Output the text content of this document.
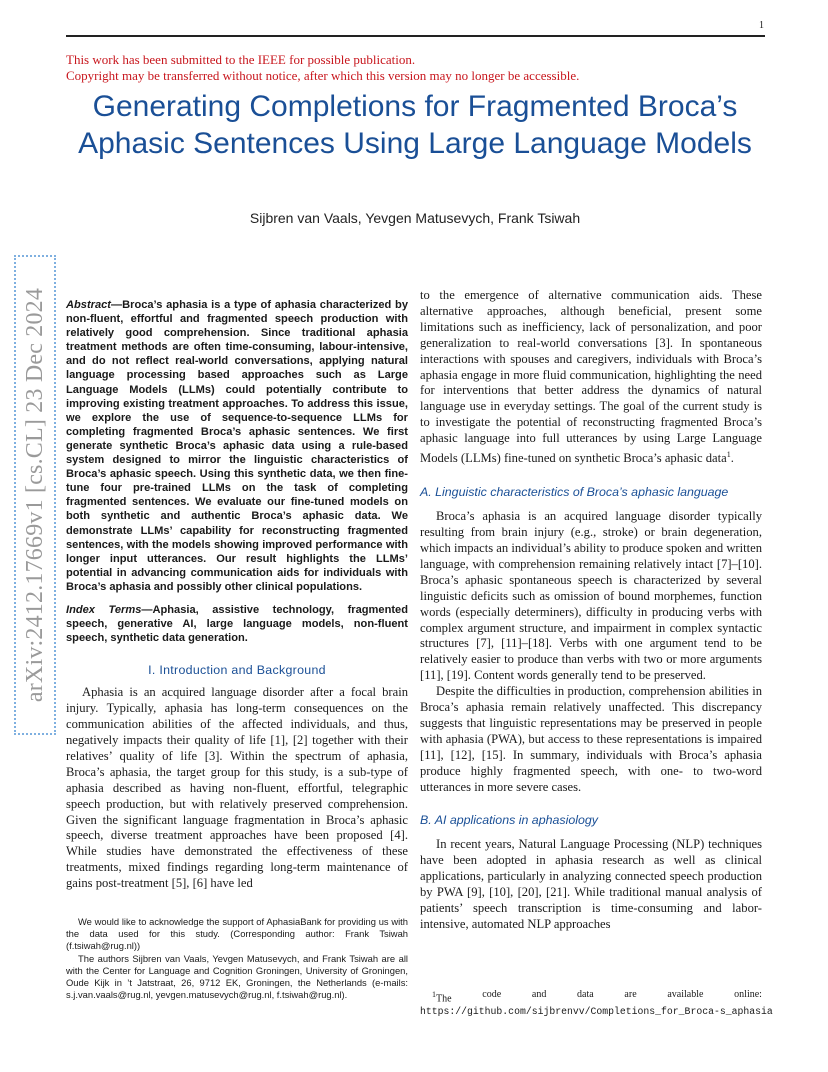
1
This work has been submitted to the IEEE for possible publication.
Copyright may be transferred without notice, after which this version may no longer be accessible.
Generating Completions for Fragmented Broca’s Aphasic Sentences Using Large Language Models
Sijbren van Vaals, Yevgen Matusevych, Frank Tsiwah
arXiv:2412.17669v1 [cs.CL] 23 Dec 2024	Abstract—Broca’s aphasia is a type of aphasia characterized by non-fluent, effortful and fragmented speech production with relatively good comprehension. Since traditional aphasia treatment methods are often time-consuming, labour-intensive, and do not reflect real-world conversations, applying natural language processing based approaches such as Large Language Models (LLMs) could potentially contribute to improving existing treatment approaches. To address this issue, we explore the use of sequence-to-sequence LLMs for completing fragmented Broca’s aphasic sentences. We first generate synthetic Broca’s aphasic data using a rule-based system designed to mirror the linguistic characteristics of Broca’s aphasic speech. Using this synthetic data, we then fine-tune four pre-trained LLMs on the task of completing fragmented sentences. We evaluate our fine-tuned models on both synthetic and authentic Broca’s aphasic data. We demonstrate LLMs’ capability for reconstructing fragmented sentences, with the models showing improved performance with longer input utterances. Our result highlights the LLMs’ potential in advancing communication aids for individuals with Broca’s aphasia and possibly other clinical populations.

Index Terms—Aphasia, assistive technology, fragmented speech, generative AI, large language models, non-fluent speech, synthetic data generation.

I. Introduction and Background

Aphasia is an acquired language disorder after a focal brain injury. Typically, aphasia has long-term consequences on the communication abilities of the affected individuals, and thus, negatively impacts their quality of life [1], [2] together with their relatives’ quality of life [3]. Within the spectrum of aphasia, Broca’s aphasia, the target group for this study, is a sub-type of aphasia described as having non-fluent, effortful, telegraphic speech production, but with relatively preserved comprehension. Given the significant language fragmentation in Broca’s aphasic speech, diverse treatment approaches have been proposed [4]. While studies have demonstrated the effectiveness of these treatments, mixed findings regarding long-term maintenance of gains post-treatment [5], [6] have led

We would like to acknowledge the support of AphasiaBank for providing us with the data used for this study. (Corresponding author: Frank Tsiwah (f.tsiwah@rug.nl))

The authors Sijbren van Vaals, Yevgen Matusevych, and Frank Tsiwah are all with the Center for Language and Cognition Groningen, University of Groningen, Oude Kijk in ’t Jatstraat, 26, 9712 EK, Groningen, the Netherlands (e-mails: s.j.van.vaals@rug.nl, yevgen.matusevych@rug.nl, f.tsiwah@rug.nl).

to the emergence of alternative communication aids. These alternative approaches, although beneficial, present some limitations such as inefficiency, lack of personalization, and poor generalization to real-world conversations [3]. In spontaneous interactions with spouses and caregivers, individuals with Broca’s aphasia engage in more fluid communication, highlighting the need for interventions that better address the dynamics of natural language use in everyday settings. The goal of the current study is to investigate the potential of reconstructing fragmented Broca’s aphasic language into full utterances by using Large Language Models (LLMs) fine-tuned on synthetic Broca’s aphasic data$^1$.

A. Linguistic characteristics of Broca’s aphasic language

Broca’s aphasia is an acquired language disorder typically resulting from brain injury (e.g., stroke) or brain degeneration, which impacts an individual’s ability to produce spoken and written language, with comprehension remaining relatively intact [7]–[10]. Broca’s aphasic spontaneous speech is characterized by several linguistic deficits such as omission of bound morphemes, function words (especially determiners), difficulty in producing verbs with complex argument structure, and impairment in complex syntactic structures [7], [11]–[18]. Verbs with one argument tend to be relatively easier to produce than verbs with two or more arguments [11], [19]. Content words generally tend to be preserved.

Despite the difficulties in production, comprehension abilities in Broca’s aphasia remain relatively unaffected. This discrepancy suggests that linguistic representations may be preserved in people with aphasia (PWA), but access to these representations is impaired [11], [12], [15]. In summary, individuals with Broca’s aphasia produce highly fragmented speech, with one- to two-word utterances in more severe cases.

B. AI applications in aphasiology

In recent years, Natural Language Processing (NLP) techniques have been adopted in aphasia research as well as clinical applications, particularly in analyzing connected speech production by PWA [9], [10], [20], [21]. While traditional manual analysis of patients’ speech transcription is time-consuming and labor-intensive, automated NLP approaches

$^1$The	code	and	data	are	available	online:
https://github.com/sijbrenvv/Completions_for_Broca-s_aphasia
